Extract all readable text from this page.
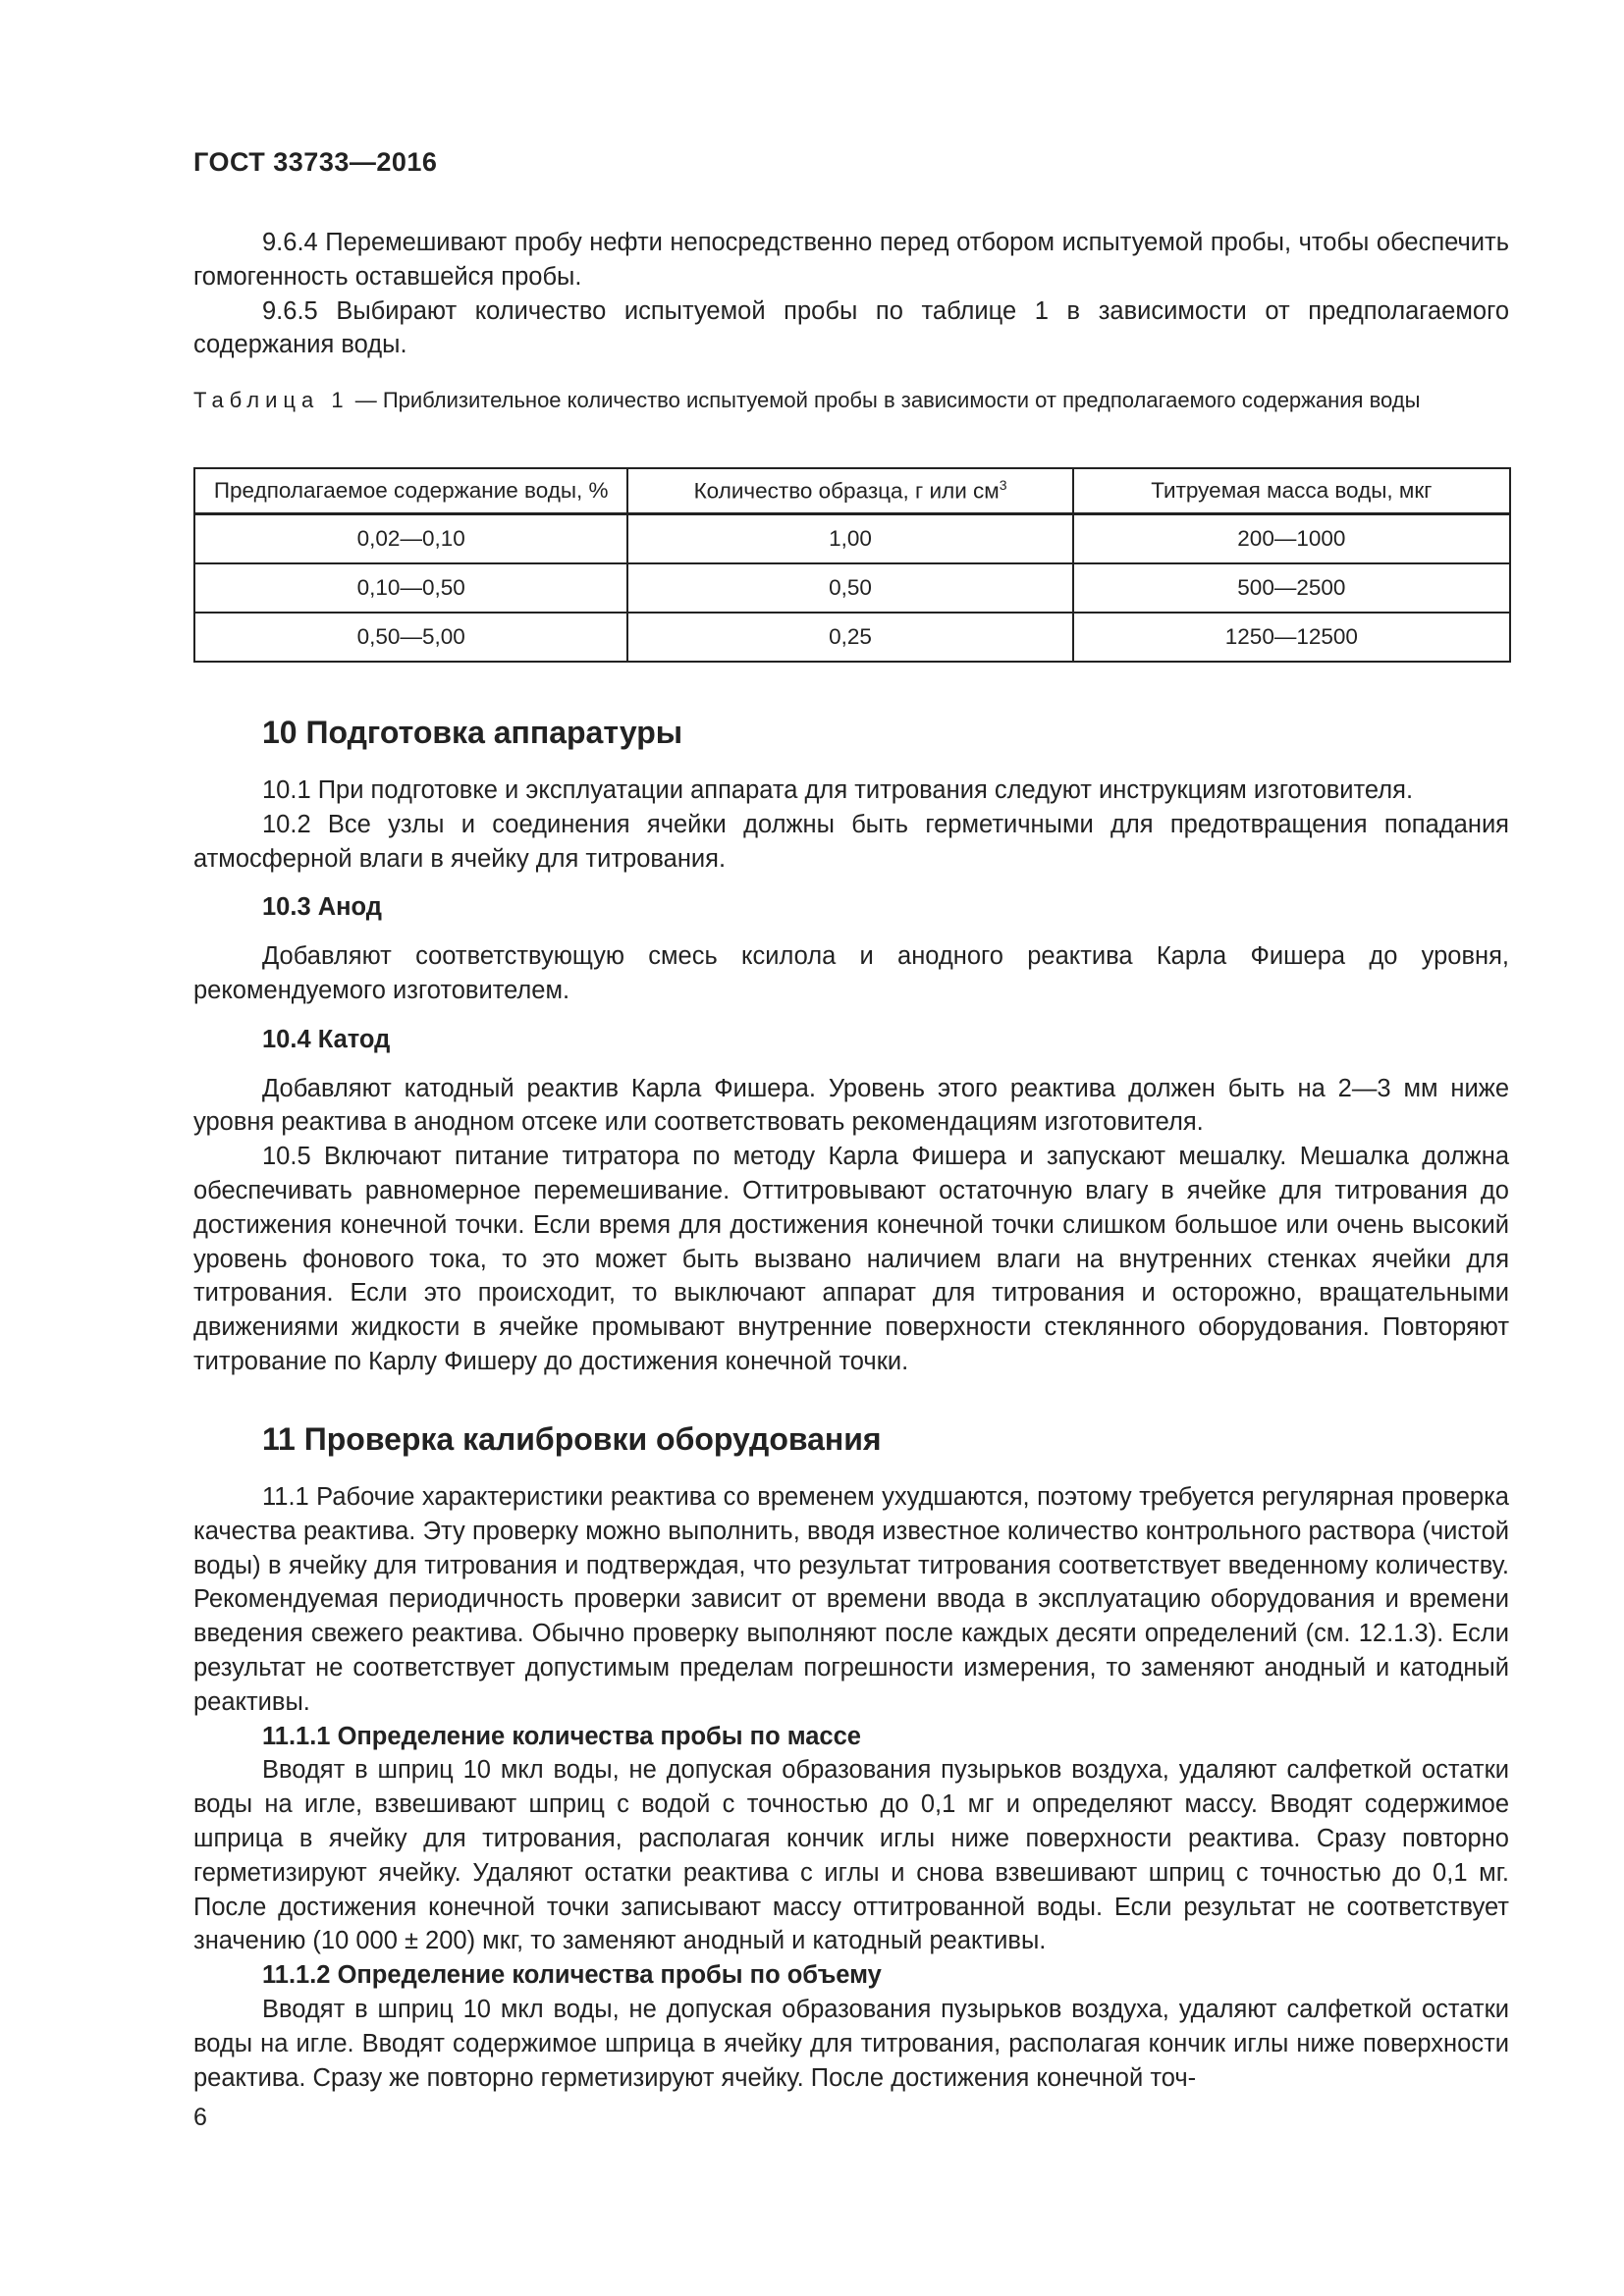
ГОСТ 33733—2016

9.6.4 Перемешивают пробу нефти непосредственно перед отбором испытуемой пробы, чтобы обеспечить гомогенность оставшейся пробы.

9.6.5 Выбирают количество испытуемой пробы по таблице 1 в зависимости от предполагаемого содержания воды.

Таблица 1 — Приблизительное количество испытуемой пробы в зависимости от предполагаемого содержания воды
Предполагаемое содержание воды, %	Количество образца, г или $см^3$	Титруемая масса воды, мкг
0,02—0,10	1,00	200—1000
0,10—0,50	0,50	500—2500
0,50—5,00	0,25	1250—12500
10 Подготовка аппаратуры

10.1 При подготовке и эксплуатации аппарата для титрования следуют инструкциям изготовителя.

10.2 Все узлы и соединения ячейки должны быть герметичными для предотвращения попадания атмосферной влаги в ячейку для титрования.

10.3 Анод

Добавляют соответствующую смесь ксилола и анодного реактива Карла Фишера до уровня, рекомендуемого изготовителем.

10.4 Катод

Добавляют катодный реактив Карла Фишера. Уровень этого реактива должен быть на 2—3 мм ниже уровня реактива в анодном отсеке или соответствовать рекомендациям изготовителя.

10.5 Включают питание титратора по методу Карла Фишера и запускают мешалку. Мешалка должна обеспечивать равномерное перемешивание. Оттитровывают остаточную влагу в ячейке для титрования до достижения конечной точки. Если время для достижения конечной точки слишком большое или очень высокий уровень фонового тока, то это может быть вызвано наличием влаги на внутренних стенках ячейки для титрования. Если это происходит, то выключают аппарат для титрования и осторожно, вращательными движениями жидкости в ячейке промывают внутренние поверхности стеклянного оборудования. Повторяют титрование по Карлу Фишеру до достижения конечной точки.

11 Проверка калибровки оборудования

11.1 Рабочие характеристики реактива со временем ухудшаются, поэтому требуется регулярная проверка качества реактива. Эту проверку можно выполнить, вводя известное количество контрольного раствора (чистой воды) в ячейку для титрования и подтверждая, что результат титрования соответствует введенному количеству. Рекомендуемая периодичность проверки зависит от времени ввода в эксплуатацию оборудования и времени введения свежего реактива. Обычно проверку выполняют после каждых десяти определений (см. 12.1.3). Если результат не соответствует допустимым пределам погрешности измерения, то заменяют анодный и катодный реактивы.

11.1.1 Определение количества пробы по массе

Вводят в шприц 10 мкл воды, не допуская образования пузырьков воздуха, удаляют салфеткой остатки воды на игле, взвешивают шприц с водой с точностью до 0,1 мг и определяют массу. Вводят содержимое шприца в ячейку для титрования, располагая кончик иглы ниже поверхности реактива. Сразу повторно герметизируют ячейку. Удаляют остатки реактива с иглы и снова взвешивают шприц с точностью до 0,1 мг. После достижения конечной точки записывают массу оттитрованной воды. Если результат не соответствует значению (10 000 ± 200) мкг, то заменяют анодный и катодный реактивы.

11.1.2 Определение количества пробы по объему

Вводят в шприц 10 мкл воды, не допуская образования пузырьков воздуха, удаляют салфеткой остатки воды на игле. Вводят содержимое шприца в ячейку для титрования, располагая кончик иглы ниже поверхности реактива. Сразу же повторно герметизируют ячейку. После достижения конечной точ-

6
